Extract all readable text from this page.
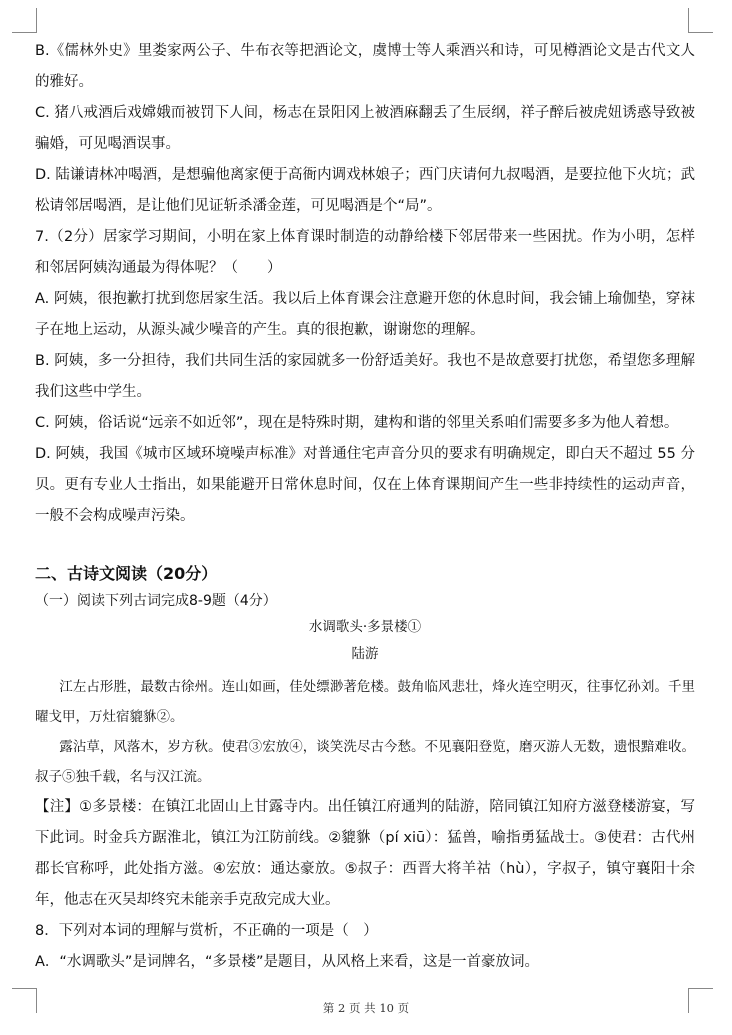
B.《儒林外史》里娄家两公子、牛布衣等把酒论文，虞博士等人乘酒兴和诗，可见樽酒论文是古代文人的雅好。

C. 猪八戒酒后戏嫦娥而被罚下人间，杨志在景阳冈上被酒麻翻丢了生辰纲，祥子醉后被虎妞诱惑导致被骗婚，可见喝酒误事。

D. 陆谦请林冲喝酒，是想骗他离家便于高衙内调戏林娘子；西门庆请何九叔喝酒，是要拉他下火坑；武松请邻居喝酒，是让他们见证斩杀潘金莲，可见喝酒是个“局”。

7.（2分）居家学习期间，小明在家上体育课时制造的动静给楼下邻居带来一些困扰。作为小明，怎样和邻居阿姨沟通最为得体呢？（　　）

A. 阿姨，很抱歉打扰到您居家生活。我以后上体育课会注意避开您的休息时间，我会铺上瑜伽垫，穿袜子在地上运动，从源头减少噪音的产生。真的很抱歉，谢谢您的理解。

B. 阿姨，多一分担待，我们共同生活的家园就多一份舒适美好。我也不是故意要打扰您，希望您多理解我们这些中学生。

C. 阿姨，俗话说“远亲不如近邻”，现在是特殊时期，建构和谐的邻里关系咱们需要多多为他人着想。

D. 阿姨，我国《城市区域环境噪声标准》对普通住宅声音分贝的要求有明确规定，即白天不超过 55 分贝。更有专业人士指出，如果能避开日常休息时间，仅在上体育课期间产生一些非持续性的运动声音，一般不会构成噪声污染。

二、古诗文阅读（20分）

（一）阅读下列古词完成8-9题（4分）

水调歌头·多景楼①

陆游

江左占形胜，最数古徐州。连山如画，佳处缥渺著危楼。鼓角临风悲壮，烽火连空明灭，往事忆孙刘。千里曜戈甲，万灶宿貔貅②。

露沾草，风落木，岁方秋。使君③宏放④，谈笑洗尽古今愁。不见襄阳登览，磨灭游人无数，遗恨黯难收。叔子⑤独千载，名与汉江流。

【注】①多景楼：在镇江北固山上甘露寺内。出任镇江府通判的陆游，陪同镇江知府方滋登楼游宴，写下此词。时金兵方踞淮北，镇江为江防前线。②貔貅（pí xiū）：猛兽，喻指勇猛战士。③使君：古代州郡长官称呼，此处指方滋。④宏放：通达豪放。⑤叔子：西晋大将羊祜（hù），字叔子，镇守襄阳十余年，他志在灭吴却终究未能亲手克敌完成大业。

8．下列对本词的理解与赏析，不正确的一项是（　）

A．“水调歌头”是词牌名，“多景楼”是题目，从风格上来看，这是一首豪放词。

第 2 页 共 10 页
